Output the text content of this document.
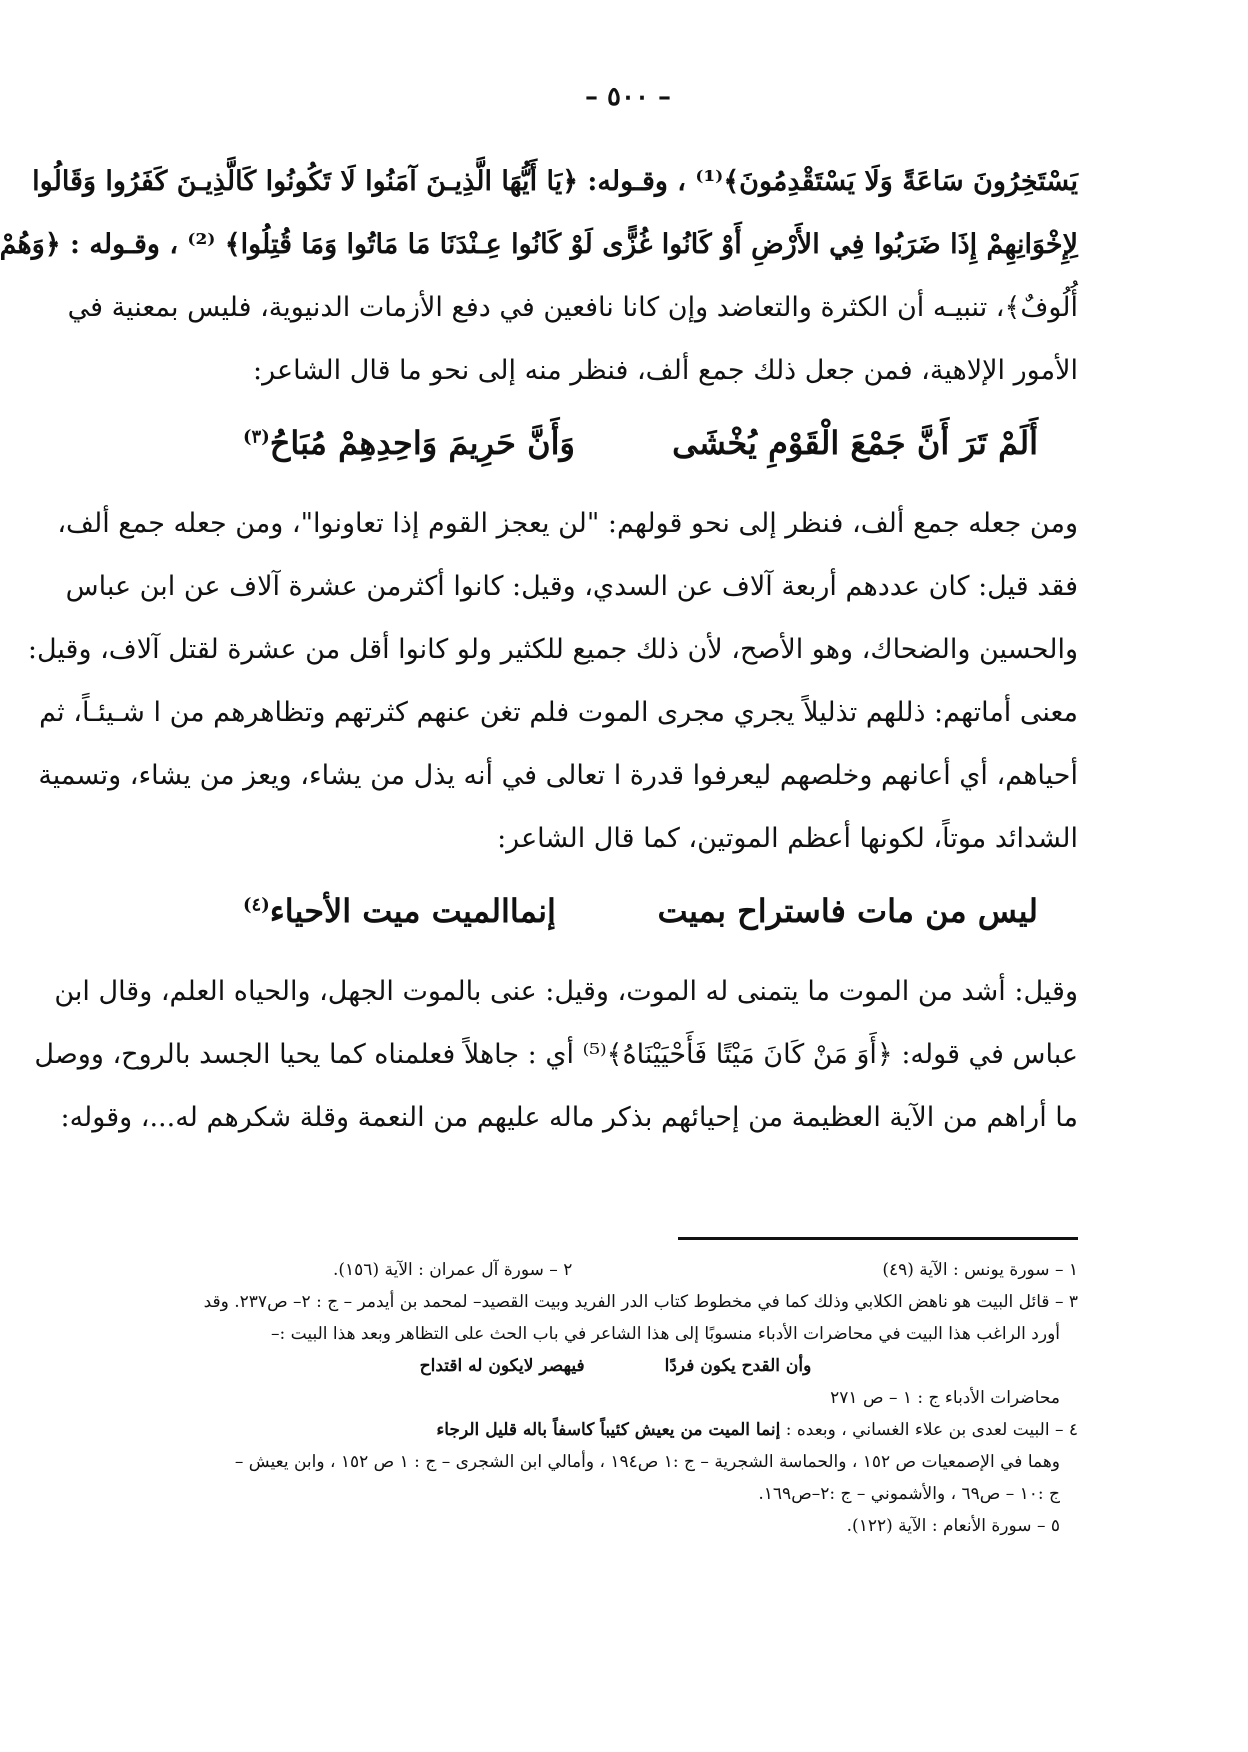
– ٥٠٠ –
يَسْتَخِرُونَ سَاعَةً وَلَا يَسْتَقْدِمُونَ﴾⁽¹⁾ ، وقـوله: ﴿يَا أَيُّهَا الَّذِيـنَ آمَنُوا لَا تَكُونُوا كَالَّذِيـنَ كَفَرُوا وَقَالُوا
لِإِخْوَانِهِمْ إِذَا ضَرَبُوا فِي الأَرْضِ أَوْ كَانُوا غُزًّى لَوْ كَانُوا عِـنْدَنَا مَا مَاتُوا وَمَا قُتِلُوا﴾ ⁽²⁾ ، وقـوله : ﴿وَهُمْ
أُلُوفٌ﴾، تنبيـه أن الكثرة والتعاضد وإن كانا نافعين في دفع الأزمات الدنيوية، فليس بمعنية في
الأمور الإلاهية، فمن جعل ذلك جمع ألف، فنظر منه إلى نحو ما قال الشاعر:
أَلَمْ تَرَ أَنَّ جَمْعَ الْقَوْمِ يُخْشَى
وَأَنَّ حَرِيمَ وَاحِدِهِمْ مُبَاحُ$^{(٣)}$
ومن جعله جمع ألف، فنظر إلى نحو قولهم: "لن يعجز القوم إذا تعاونوا"، ومن جعله جمع ألف،
فقد قيل: كان عددهم أربعة آلاف عن السدي، وقيل: كانوا أكثرمن عشرة آلاف عن ابن عباس
والحسين والضحاك، وهو الأصح، لأن ذلك جميع للكثير ولو كانوا أقل من عشرة لقتل آلاف، وقيل:
معنى أماتهم: ذللهم تذليلاً يجري مجرى الموت فلم تغن عنهم كثرتهم وتظاهرهم من ا شـيئـاً، ثم
أحياهم، أي أعانهم وخلصهم ليعرفوا قدرة ا تعالى في أنه يذل من يشاء، ويعز من يشاء، وتسمية
الشدائد موتاً، لكونها أعظم الموتين، كما قال الشاعر:
ليس من مات فاستراح بميت
إنماالميت ميت الأحياء$^{(٤)}$
وقيل: أشد من الموت ما يتمنى له الموت، وقيل: عنى بالموت الجهل، والحياه العلم، وقال ابن
عباس في قوله: ﴿أَوَ مَنْ كَانَ مَيْتًا فَأَحْيَيْنَاهُ﴾⁽⁵⁾ أي : جاهلاً فعلمناه كما يحيا الجسد بالروح، ووصل
ما أراهم من الآية العظيمة من إحيائهم بذكر ماله عليهم من النعمة وقلة شكرهم له...، وقوله:
١ – سورة يونس : الآية (٤٩)
٢ – سورة آل عمران : الآية (١٥٦).
٣ – قائل البيت هو ناهض الكلابي وذلك كما في مخطوط كتاب الدر الفريد وبيت القصيد– لمحمد بن أيدمر – ج : ٢– ص٢٣٧. وقد
أورد الراغب هذا البيت في محاضرات الأدباء منسوبًا إلى هذا الشاعر في باب الحث على التظاهر وبعد هذا البيت :–
وأن القدح يكون فردًا
فيهصر لايكون له اقتداح
محاضرات الأدباء ج : ١ – ص ٢٧١
٤ – البيت لعدى بن علاء الغساني ، وبعده : إنما الميت من يعيش كئيباً كاسفاً باله قليل الرجاء
وهما في الإصمعيات ص ١٥٢ ، والحماسة الشجرية – ج :١ ص١٩٤ ، وأمالي ابن الشجرى – ج : ١ ص ١٥٢ ، وابن يعيش –
ج :١٠ – ص٦٩ ، والأشموني – ج :٢–ص١٦٩.
٥ – سورة الأنعام : الآية (١٢٢).
